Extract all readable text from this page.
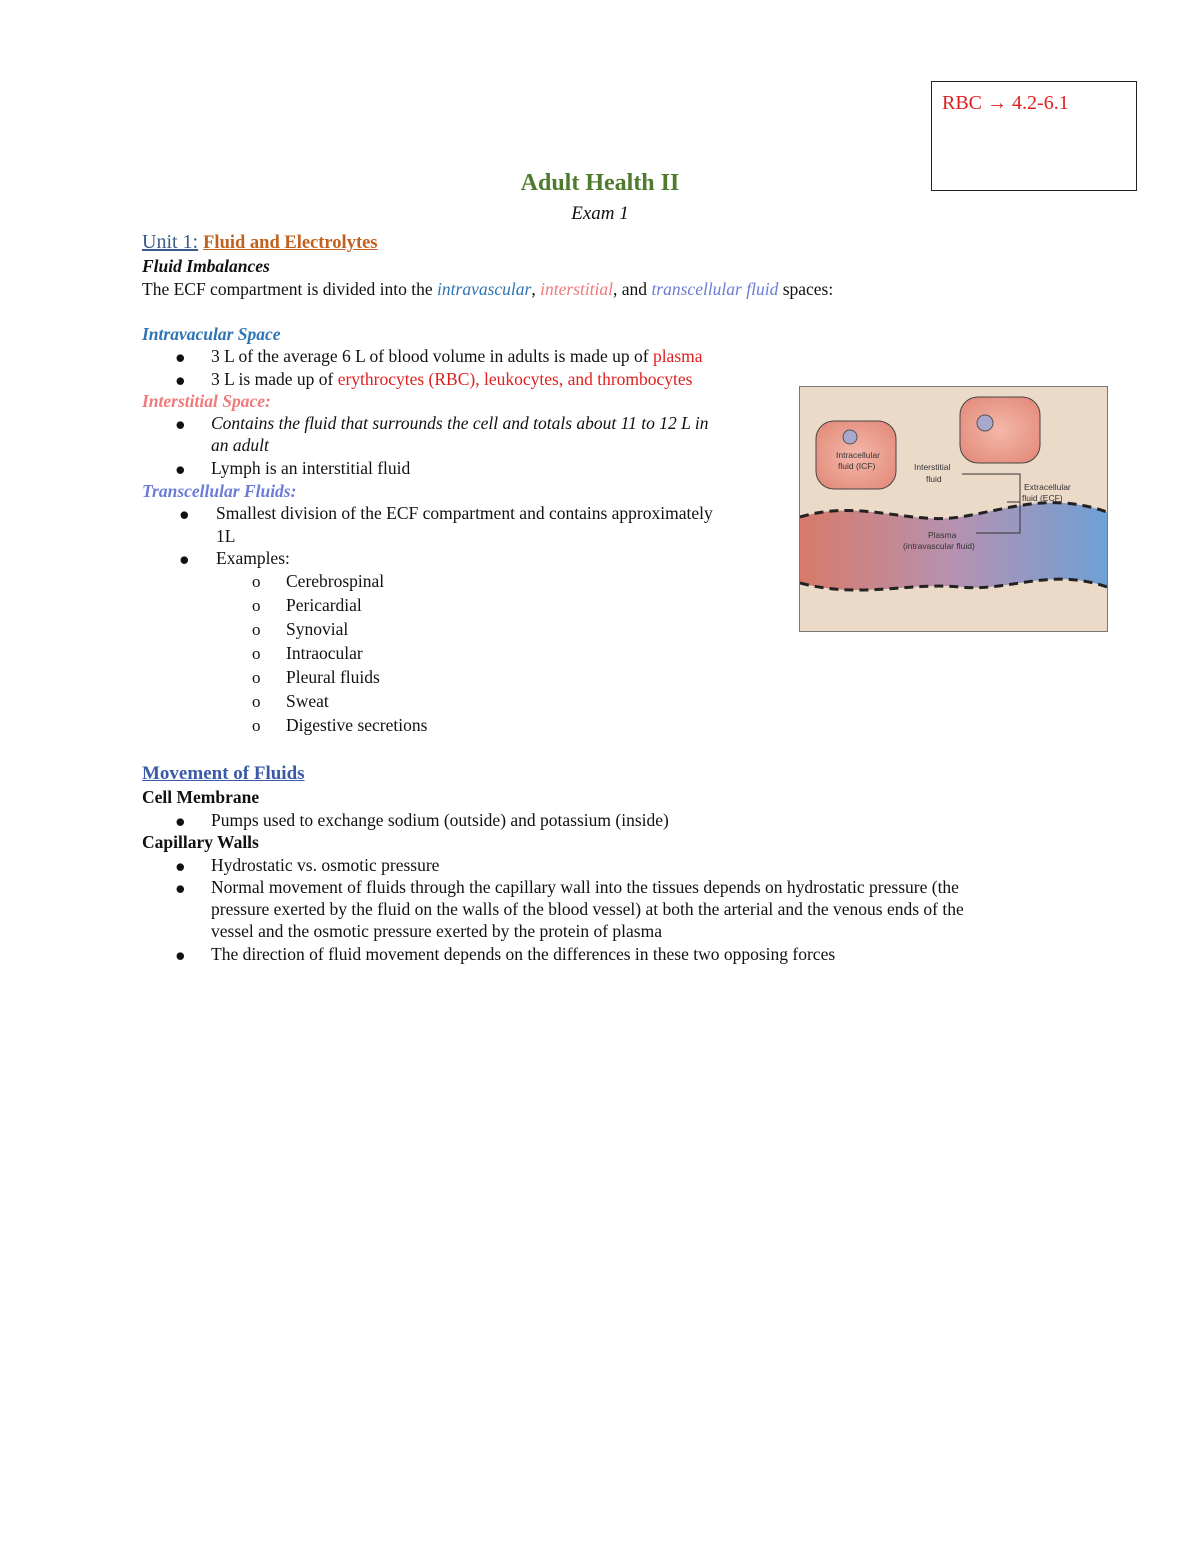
RBC → 4.2-6.1
Adult Health II
Exam 1
Unit 1: Fluid and Electrolytes
Fluid Imbalances
The ECF compartment is divided into the intravascular, interstitial, and transcellular fluid spaces:
Intravacular Space
● 3 L of the average 6 L of blood volume in adults is made up of plasma
● 3 L is made up of erythrocytes (RBC), leukocytes, and thrombocytes
Interstitial Space:
● Contains the fluid that surrounds the cell and totals about 11 to 12 L in
an adult
● Lymph is an interstitial fluid
Transcellular Fluids:
● Smallest division of the ECF compartment and contains approximately
1L
● Examples:
o Cerebrospinal
o Pericardial
o Synovial
o Intraocular
o Pleural fluids
o Sweat
o Digestive secretions
Intracellular
fluid (ICF)	Interstitial
fluid
Extracellular
fluid (ECF)
Plasma
(intravascular fluid)
Movement of Fluids
Cell Membrane
● Pumps used to exchange sodium (outside) and potassium (inside)
Capillary Walls
● Hydrostatic vs. osmotic pressure
● Normal movement of fluids through the capillary wall into the tissues depends on hydrostatic pressure (the
pressure exerted by the fluid on the walls of the blood vessel) at both the arterial and the venous ends of the
vessel and the osmotic pressure exerted by the protein of plasma
● The direction of fluid movement depends on the differences in these two opposing forces
